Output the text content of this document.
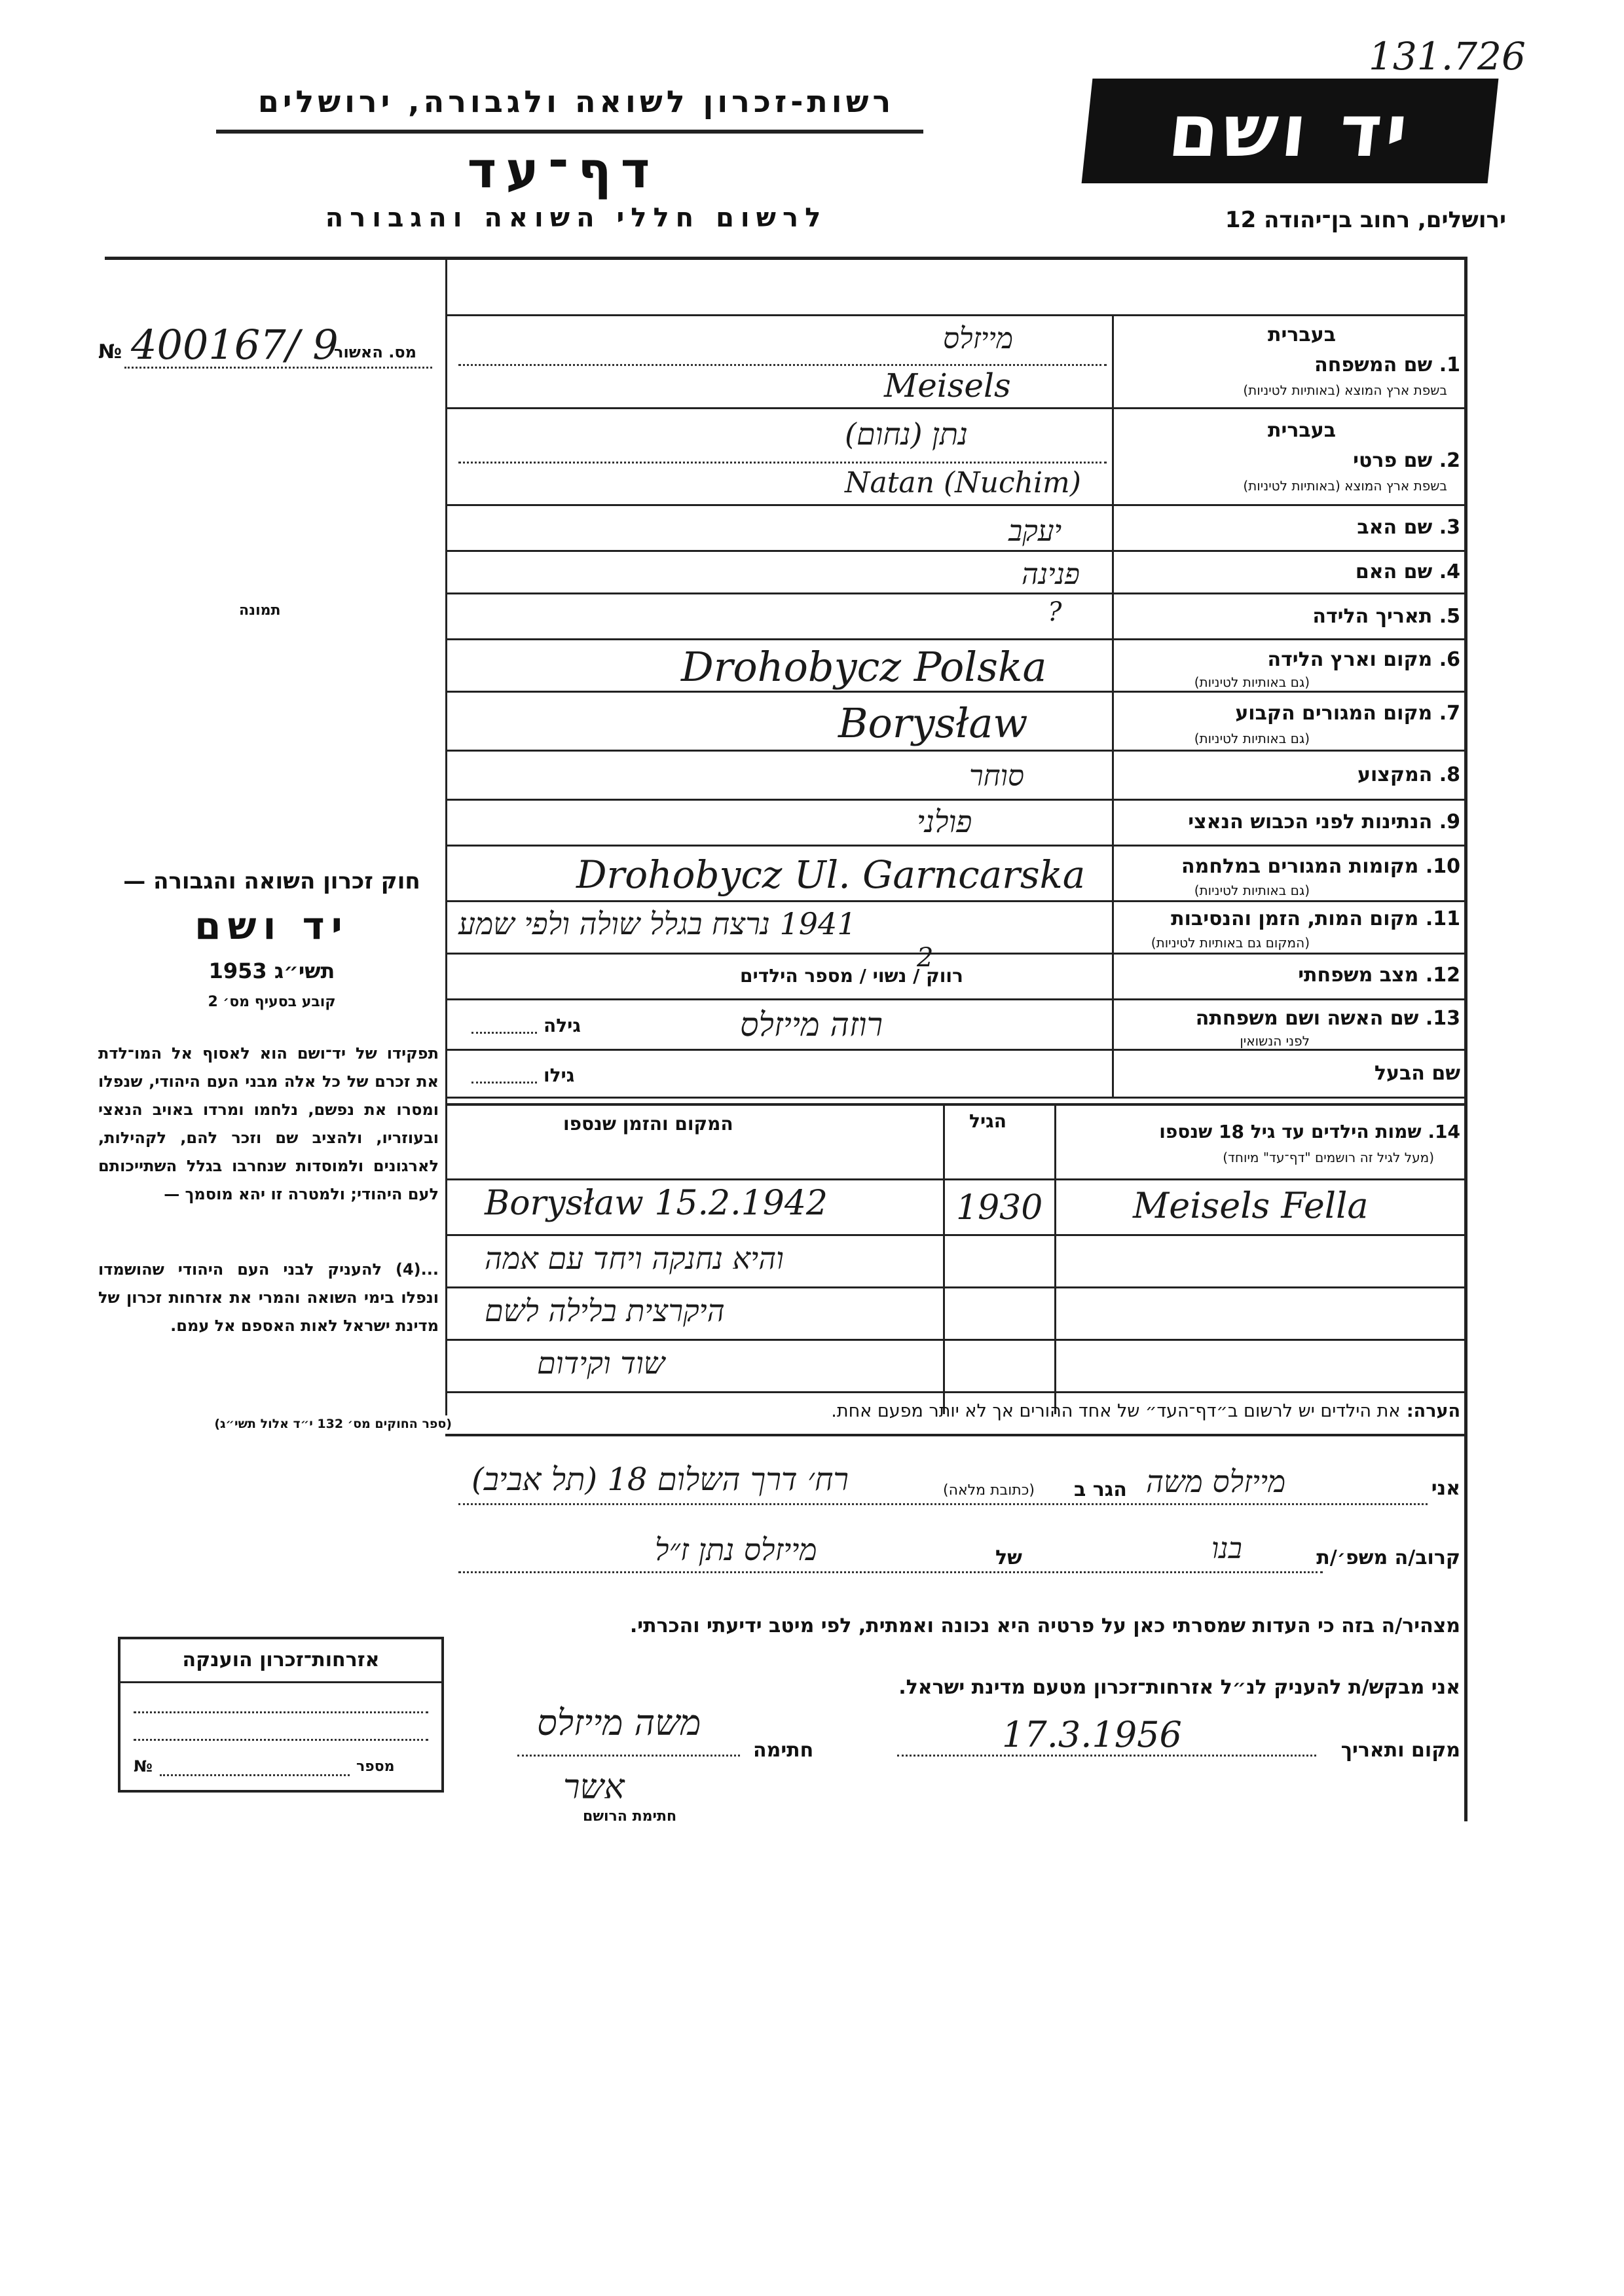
131.726
רשות-זכרון לשואה ולגבורה, ירושלים
דף־עד
לרשום חללי השואה והגבורה
יד ושם
ירושלים, רחוב בן־יהודה 12
בעברית
1. שם המשפחה
בשפת ארץ המוצא (באותיות לטיניות)
בעברית
2. שם פרטי
בשפת ארץ המוצא (באותיות לטיניות)
3. שם האב
4. שם האם
5. תאריך הלידה
6. מקום וארץ הלידה
(גם באותיות לטיניות)
7. מקום המגורים הקבוע
(גם באותיות לטיניות)
8. המקצוע
9. הנתינות לפני הכבוש הנאצי
10. מקומות המגורים במלחמה
(גם באותיות לטיניות)
11. מקום המות, הזמן והנסיבות
(המקום גם באותיות לטיניות)
12. מצב משפחתי
13. שם האשה ושם משפחתה
לפני הנשואין
שם הבעל
מייזלס
Meisels
נתן (נחום)
Natan (Nuchim)
יעקב
פנינה
?
Drohobycz Polska
Borysław
סוחר
פולני
Drohobycz Ul. Garncarska
1941 נרצח בגלל שולה ולפי שמע
רווק / נשוי / מספר הילדים
2
רוזה מייזלס
גילה
גילו
14. שמות הילדים עד גיל 18 שנספו
(מעל לגיל זה רושמים "דף־עד" מיוחד)
הגיל
המקום והזמן שנספו
Meisels Fella
1930
Borysław 15.2.1942
והיא נחנקה ויחד עם אמה
היקרצית בלילה לשם
שוד וקידום
הערה: את הילדים יש לרשום ב״דף־העד״ של אחד ההורים אך לא יותר מפעם אחת.
№ 400167/ 9
מס. האשור
תמונה
חוק זכרון השואה והגבורה —
יד ושם
תשי״ג 1953
קובע בסעיף מס׳ 2
תפקידו של יד־ושם הוא לאסוף אל המו־לדת את זכרם של כל אלה מבני העם היהודי, שנפלו ומסרו את נפשם, נלחמו ומרדו באויב הנאצי ובעוזריו, ולהציב שם וזכר להם, לקהילות, לארגונים ולמוסדות שנחרבו בגלל השתייכותם לעם היהודי; ולמטרה זו יהא מוסמך —
...(4) להעניק לבני העם היהודי שהושמדו ונפלו בימי השואה והמרי את אזרחות זכרון של מדינת ישראל לאות האספם אל עמם.
(ספר החוקים מס׳ 132 י״ד אלול תשי״ג)
אני
מייזלס משה
הגר ב
(כתובת מלאה)
רח׳ דרך השלום 18 (תל אביב)
קרוב/ה משפ׳/ת
בנו
של
מייזלס נתן ז״ל
מצהיר/ה בזה כי העדות שמסרתי כאן על פרטיה היא נכונה ואמתית, לפי מיטב ידיעתי והכרתי.
אני מבקש/ת להעניק לנ״ל אזרחות־זכרון מטעם מדינת ישראל.
מקום ותאריך
17.3.1956
חתימה
משה מייזלס
אשר
חתימת הרושם
אזרחות־זכרון הוענקה
מספר
№
